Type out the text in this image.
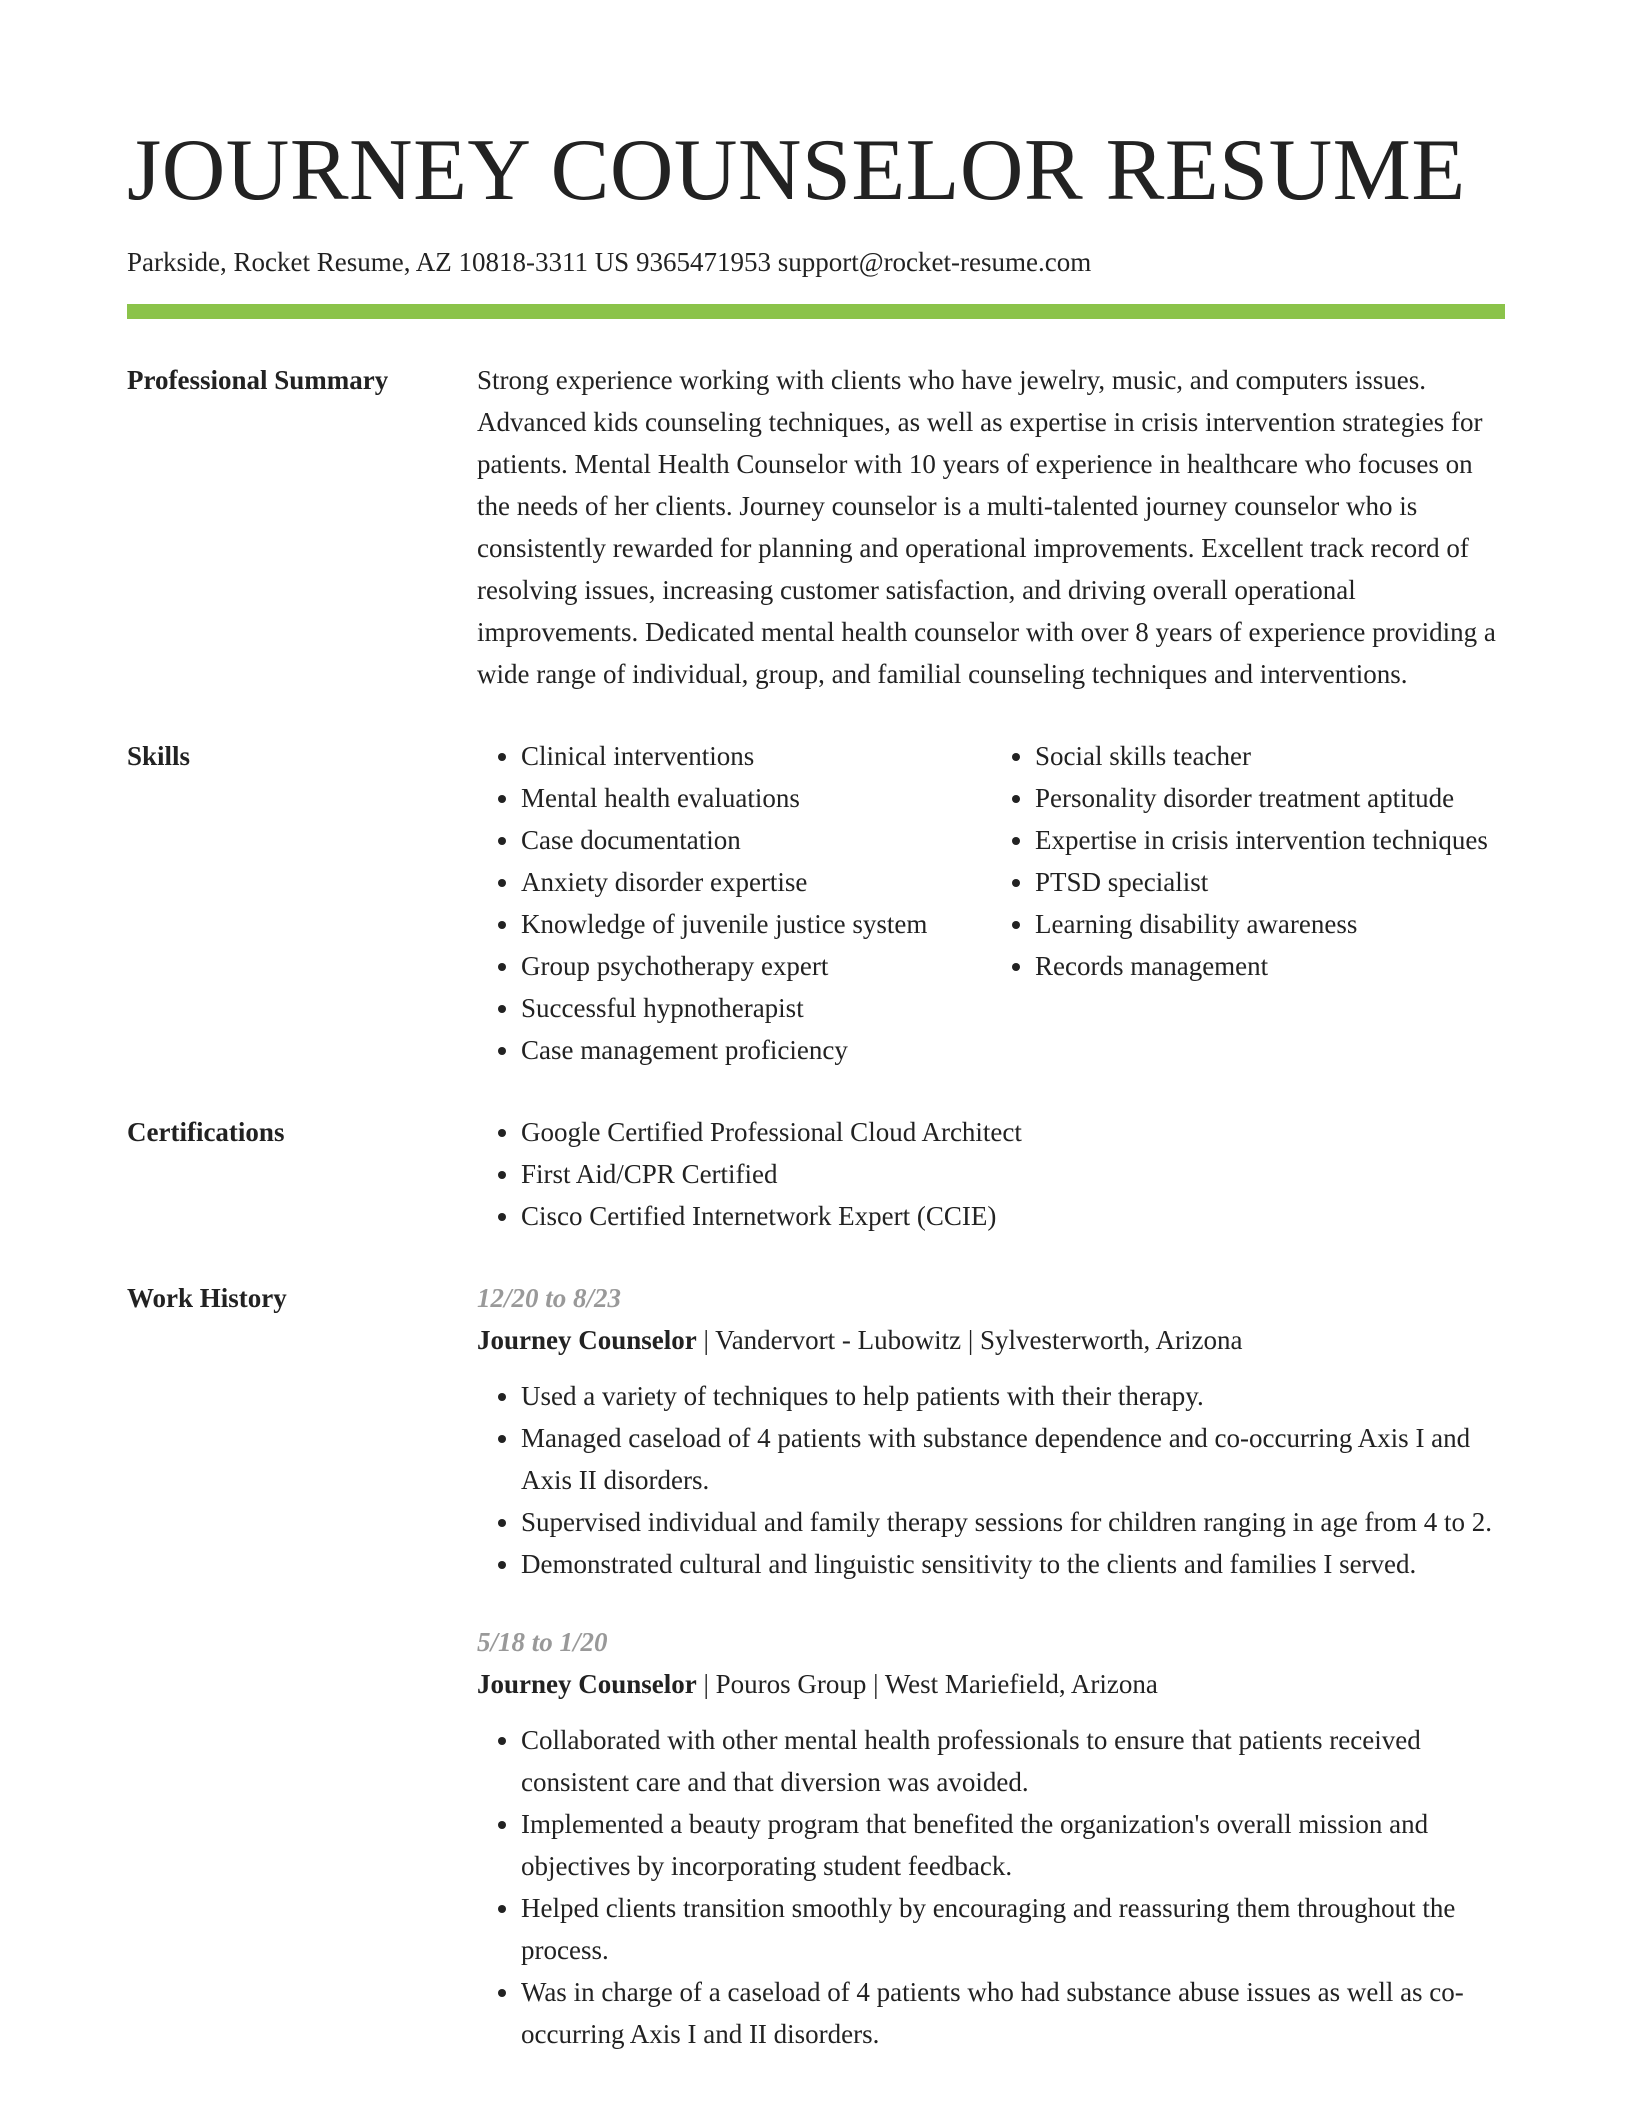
JOURNEY COUNSELOR RESUME
Parkside, Rocket Resume, AZ 10818-3311 US 9365471953 support@rocket-resume.com
Professional Summary	Strong experience working with clients who have jewelry, music, and computers issues. Advanced kids counseling techniques, as well as expertise in crisis intervention strategies for patients. Mental Health Counselor with 10 years of experience in healthcare who focuses on the needs of her clients. Journey counselor is a multi-talented journey counselor who is consistently rewarded for planning and operational improvements. Excellent track record of resolving issues, increasing customer satisfaction, and driving overall operational improvements. Dedicated mental health counselor with over 8 years of experience providing a wide range of individual, group, and familial counseling techniques and interventions.

Skills	• Clinical interventions
• Mental health evaluations
• Case documentation
• Anxiety disorder expertise
• Knowledge of juvenile justice system
• Group psychotherapy expert
• Successful hypnotherapist
• Case management proficiency
• Social skills teacher
• Personality disorder treatment aptitude
• Expertise in crisis intervention techniques
• PTSD specialist
• Learning disability awareness
• Records management
Certifications	• Google Certified Professional Cloud Architect
• First Aid/CPR Certified
• Cisco Certified Internetwork Expert (CCIE)
Work History	12/20 to 8/23
Journey Counselor | Vandervort - Lubowitz | Sylvesterworth, Arizona
• Used a variety of techniques to help patients with their therapy.
• Managed caseload of 4 patients with substance dependence and co-occurring Axis I and Axis II disorders.
• Supervised individual and family therapy sessions for children ranging in age from 4 to 2.
• Demonstrated cultural and linguistic sensitivity to the clients and families I served.
5/18 to 1/20
Journey Counselor | Pouros Group | West Mariefield, Arizona
• Collaborated with other mental health professionals to ensure that patients received consistent care and that diversion was avoided.
• Implemented a beauty program that benefited the organization's overall mission and objectives by incorporating student feedback.
• Helped clients transition smoothly by encouraging and reassuring them throughout the process.
• Was in charge of a caseload of 4 patients who had substance abuse issues as well as co-occurring Axis I and II disorders.
